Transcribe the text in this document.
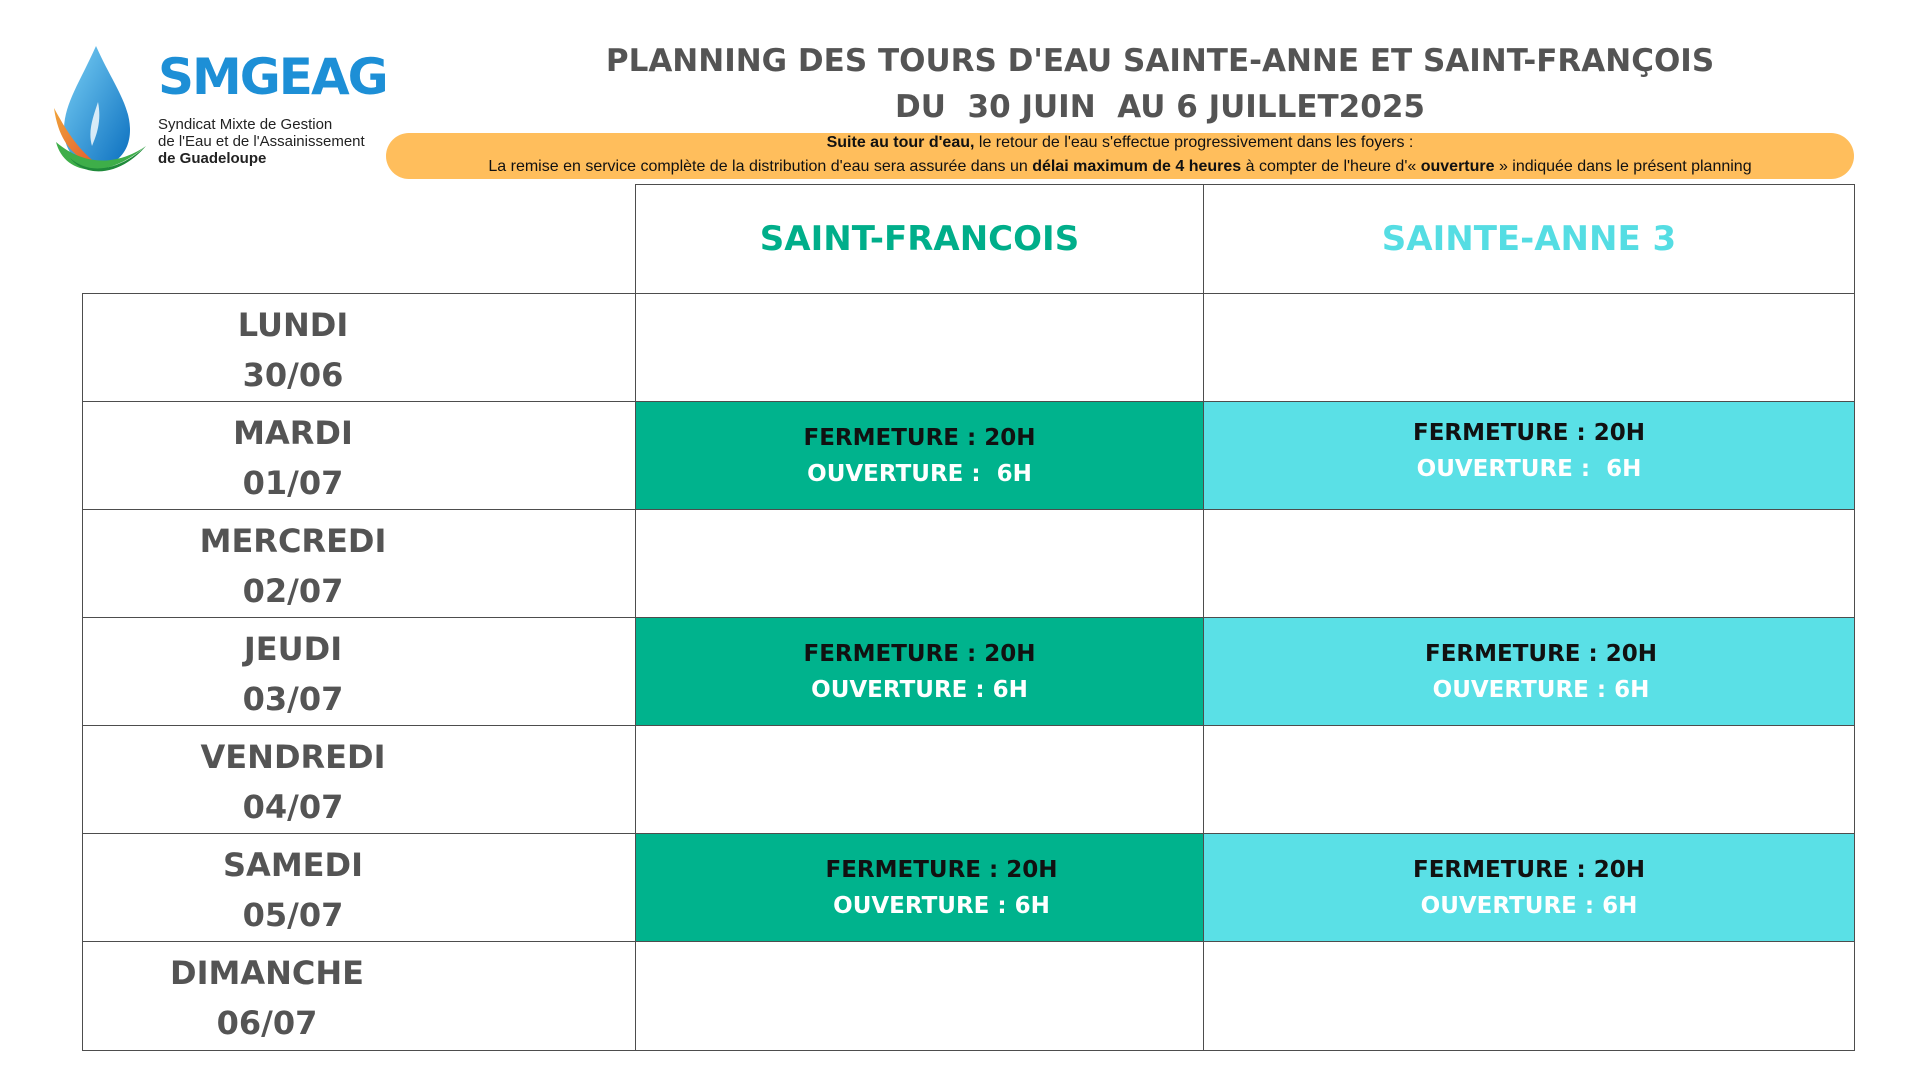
SMGEAG
Syndicat Mixte de Gestion
de l'Eau et de l'Assainissement
de Guadeloupe
PLANNING DES TOURS D'EAU SAINTE-ANNE ET SAINT-FRANÇOIS
DU  30 JUIN  AU 6 JUILLET2025
Suite au tour d'eau, le retour de l'eau s'effectue progressivement dans les foyers :
La remise en service complète de la distribution d'eau sera assurée dans un délai maximum de 4 heures à compter de l'heure d'« ouverture » indiquée dans le présent planning
SAINT-FRANCOIS	SAINTE-ANNE 3
LUNDI
30/06
MARDI
01/07
FERMETURE : 20H
OUVERTURE :  6H
FERMETURE : 20H
OUVERTURE :  6H
MERCREDI
02/07
JEUDI
03/07
FERMETURE : 20H
OUVERTURE : 6H
FERMETURE : 20H
OUVERTURE : 6H
VENDREDI
04/07
SAMEDI
05/07
FERMETURE : 20H
OUVERTURE : 6H
FERMETURE : 20H
OUVERTURE : 6H
DIMANCHE
06/07
